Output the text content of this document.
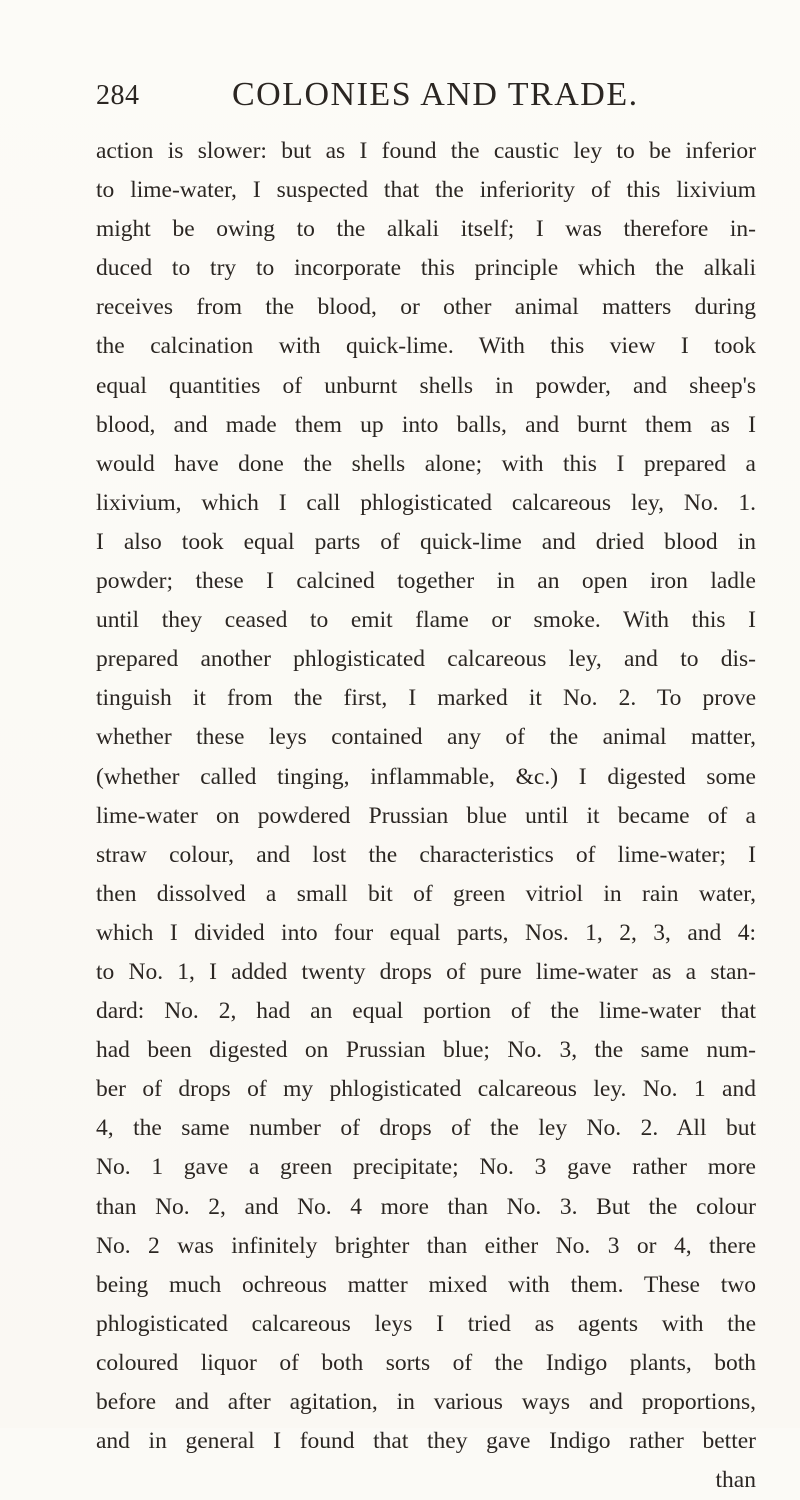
284	COLONIES AND TRADE.
action is slower: but as I found the caustic ley to be inferior
to lime-water, I suspected that the inferiority of this lixivium
might be owing to the alkali itself; I was therefore in-
duced to try to incorporate this principle which the alkali
receives from the blood, or other animal matters during
the calcination with quick-lime. With this view I took
equal quantities of unburnt shells in powder, and sheep's
blood, and made them up into balls, and burnt them as I
would have done the shells alone; with this I prepared a
lixivium, which I call phlogisticated calcareous ley, No. 1.
I also took equal parts of quick-lime and dried blood in
powder; these I calcined together in an open iron ladle
until they ceased to emit flame or smoke. With this I
prepared another phlogisticated calcareous ley, and to dis-
tinguish it from the first, I marked it No. 2. To prove
whether these leys contained any of the animal matter,
(whether called tinging, inflammable, &c.) I digested some
lime-water on powdered Prussian blue until it became of a
straw colour, and lost the characteristics of lime-water; I
then dissolved a small bit of green vitriol in rain water,
which I divided into four equal parts, Nos. 1, 2, 3, and 4:
to No. 1, I added twenty drops of pure lime-water as a stan-
dard: No. 2, had an equal portion of the lime-water that
had been digested on Prussian blue; No. 3, the same num-
ber of drops of my phlogisticated calcareous ley. No. 1 and
4, the same number of drops of the ley No. 2. All but
No. 1 gave a green precipitate; No. 3 gave rather more
than No. 2, and No. 4 more than No. 3. But the colour
No. 2 was infinitely brighter than either No. 3 or 4, there
being much ochreous matter mixed with them. These two
phlogisticated calcareous leys I tried as agents with the
coloured liquor of both sorts of the Indigo plants, both
before and after agitation, in various ways and proportions,
and in general I found that they gave Indigo rather better
than
